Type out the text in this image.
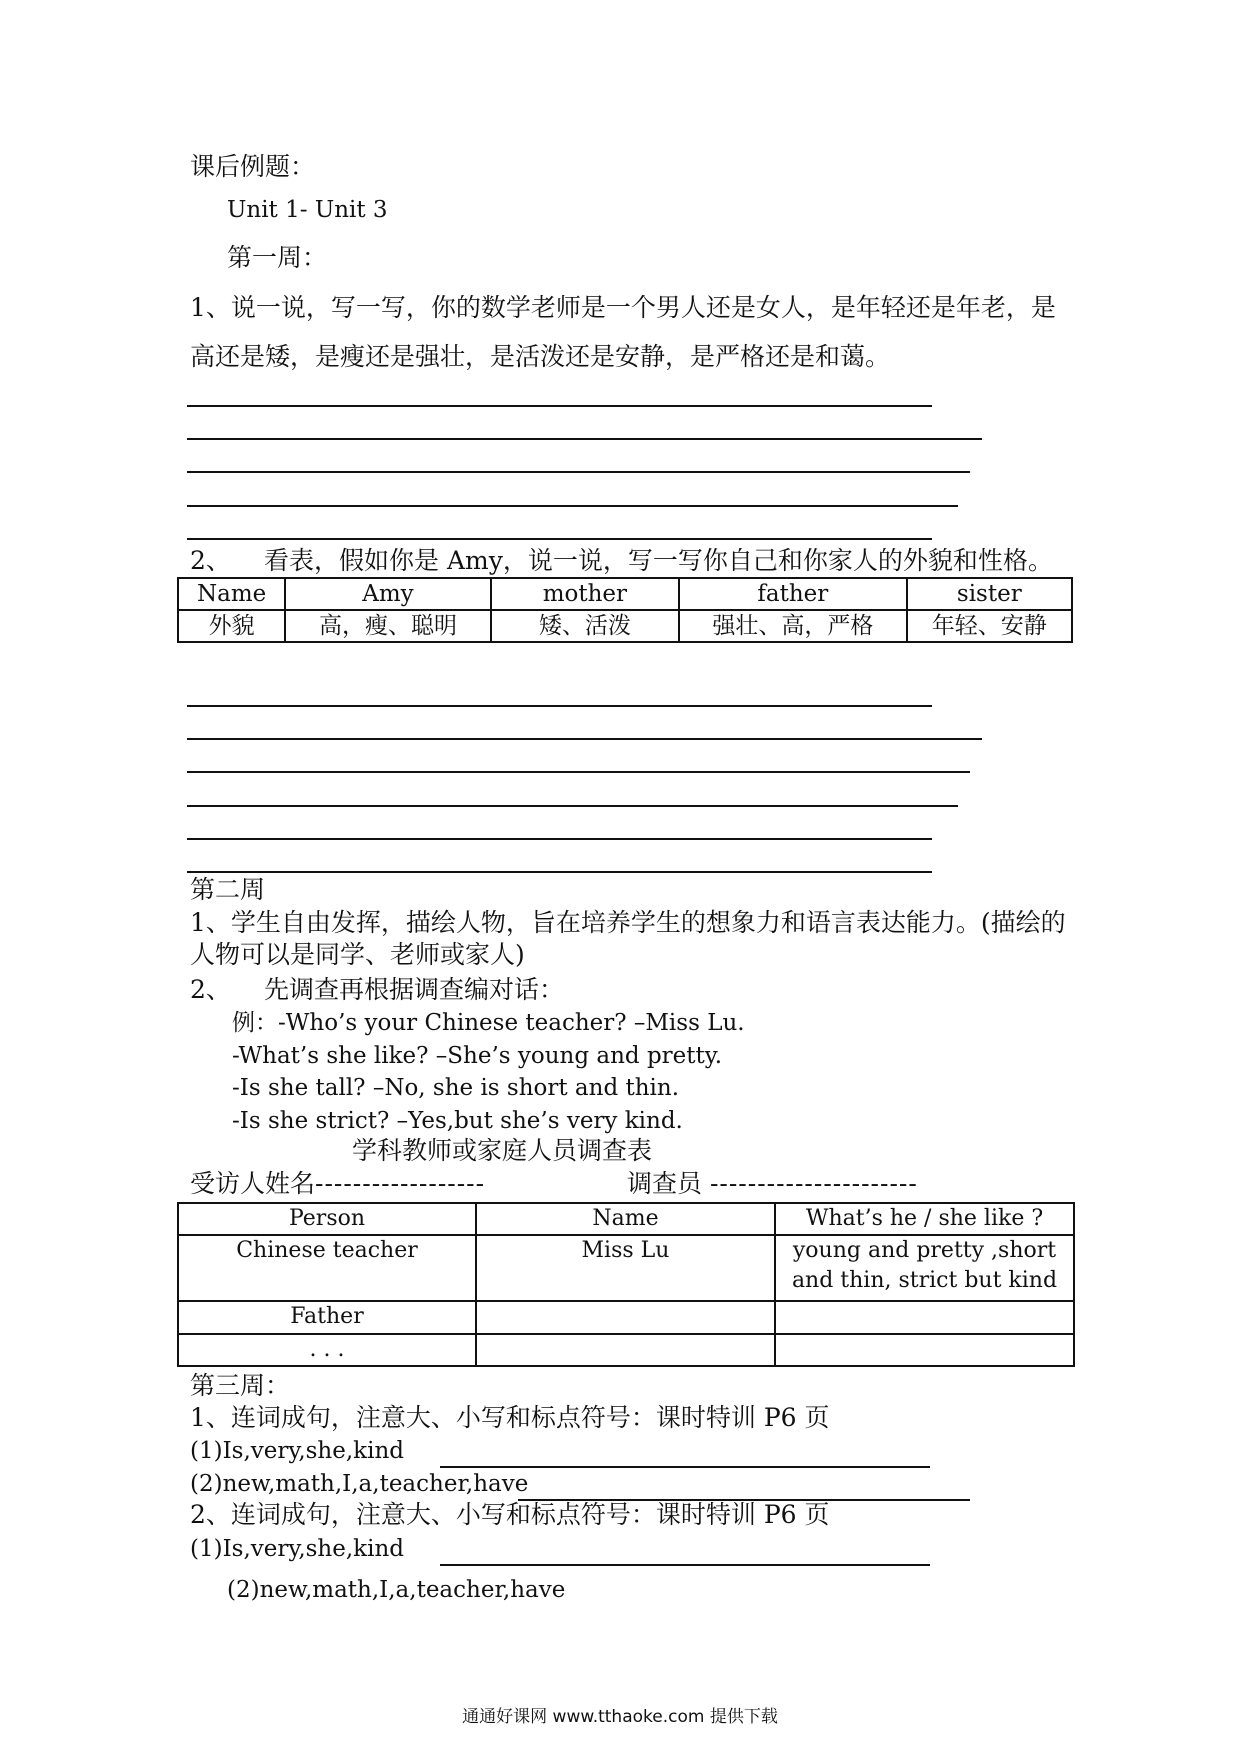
课后例题：
Unit 1- Unit 3
第一周：
1、说一说，写一写，你的数学老师是一个男人还是女人，是年轻还是年老，是
高还是矮，是瘦还是强壮，是活泼还是安静，是严格还是和蔼。
2、 看表，假如你是 Amy，说一说，写一写你自己和你家人的外貌和性格。
Name	Amy	mother	father	sister
外貌	高，瘦、聪明	矮、活泼	强壮、高，严格	年轻、安静
第二周
1、学生自由发挥，描绘人物，旨在培养学生的想象力和语言表达能力。(描绘的
人物可以是同学、老师或家人)
2、 先调查再根据调查编对话：
例：-Who’s your Chinese teacher? –Miss Lu.
-What’s she like? –She’s young and pretty.
-Is she tall? –No, she is short and thin.
-Is she strict? –Yes,but she’s very kind.
学科教师或家庭人员调查表
受访人姓名------------------	调查员 ----------------------
Person	Name	What’s he / she like ?
Chinese teacher	Miss Lu	young and pretty ,short
and thin, strict but kind

Father		
. . .		
第三周：
1、连词成句，注意大、小写和标点符号：课时特训 P6 页
(1)Is,very,she,kind
(2)new,math,I,a,teacher,have
2、连词成句，注意大、小写和标点符号：课时特训 P6 页
(1)Is,very,she,kind
(2)new,math,I,a,teacher,have
通通好课网 www.tthaoke.com 提供下载
